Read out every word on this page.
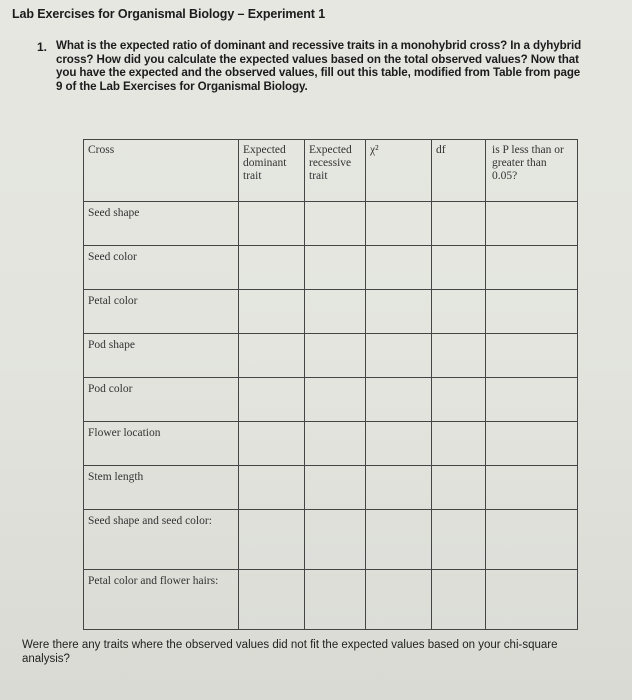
Lab Exercises for Organismal Biology – Experiment 1
1. What is the expected ratio of dominant and recessive traits in a monohybrid cross? In a dyhybrid cross? How did you calculate the expected values based on the total observed values? Now that you have the expected and the observed values, fill out this table, modified from Table from page 9 of the Lab Exercises for Organismal Biology.
Cross	Expected dominant trait	Expected recessive trait	χ²	df	is P less than or greater than 0.05?
Seed shape					
Seed color					
Petal color					
Pod shape					
Pod color					
Flower location					
Stem length					
Seed shape and seed color:					
Petal color and flower hairs:					
Were there any traits where the observed values did not fit the expected values based on your chi-square analysis?
